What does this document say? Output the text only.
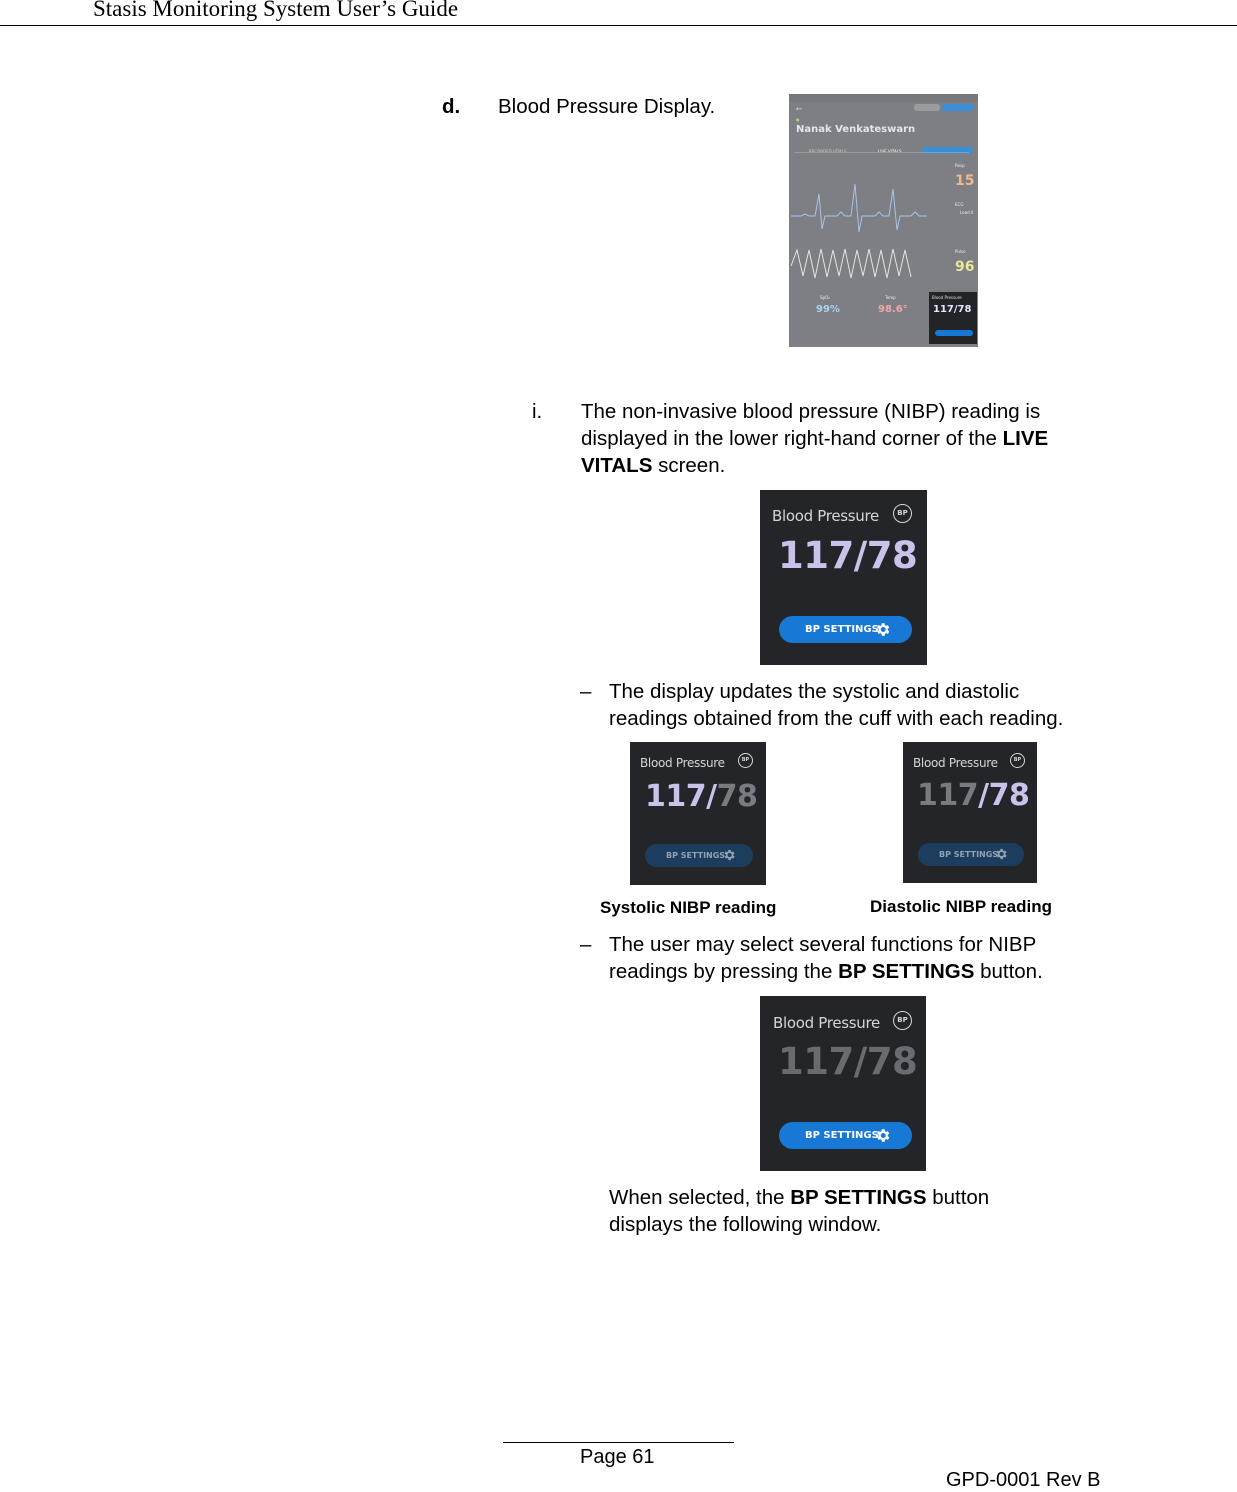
Stasis Monitoring System User’s Guide
d. Blood Pressure Display.	←
●
Nanak Venkateswarn
Resp
15
ECG
Lead II
Pulse
96
SpO₂
99%
Temp
98.6°
Blood Pressure
117/78
i. The non-invasive blood pressure (NIBP) reading is
displayed in the lower right-hand corner of the LIVE
VITALS screen.
Blood Pressure	BP
117/78
BP SETTINGS
– The display updates the systolic and diastolic
readings obtained from the cuff with each reading.
Blood Pressure	BP
117/78
BP SETTINGS
Blood Pressure	BP
117/78
BP SETTINGS
Systolic NIBP reading	Diastolic NIBP reading
– The user may select several functions for NIBP
readings by pressing the BP SETTINGS button.
Blood Pressure	BP
117/78
BP SETTINGS
When selected, the BP SETTINGS button
displays the following window.
Page 61
GPD-0001 Rev B
